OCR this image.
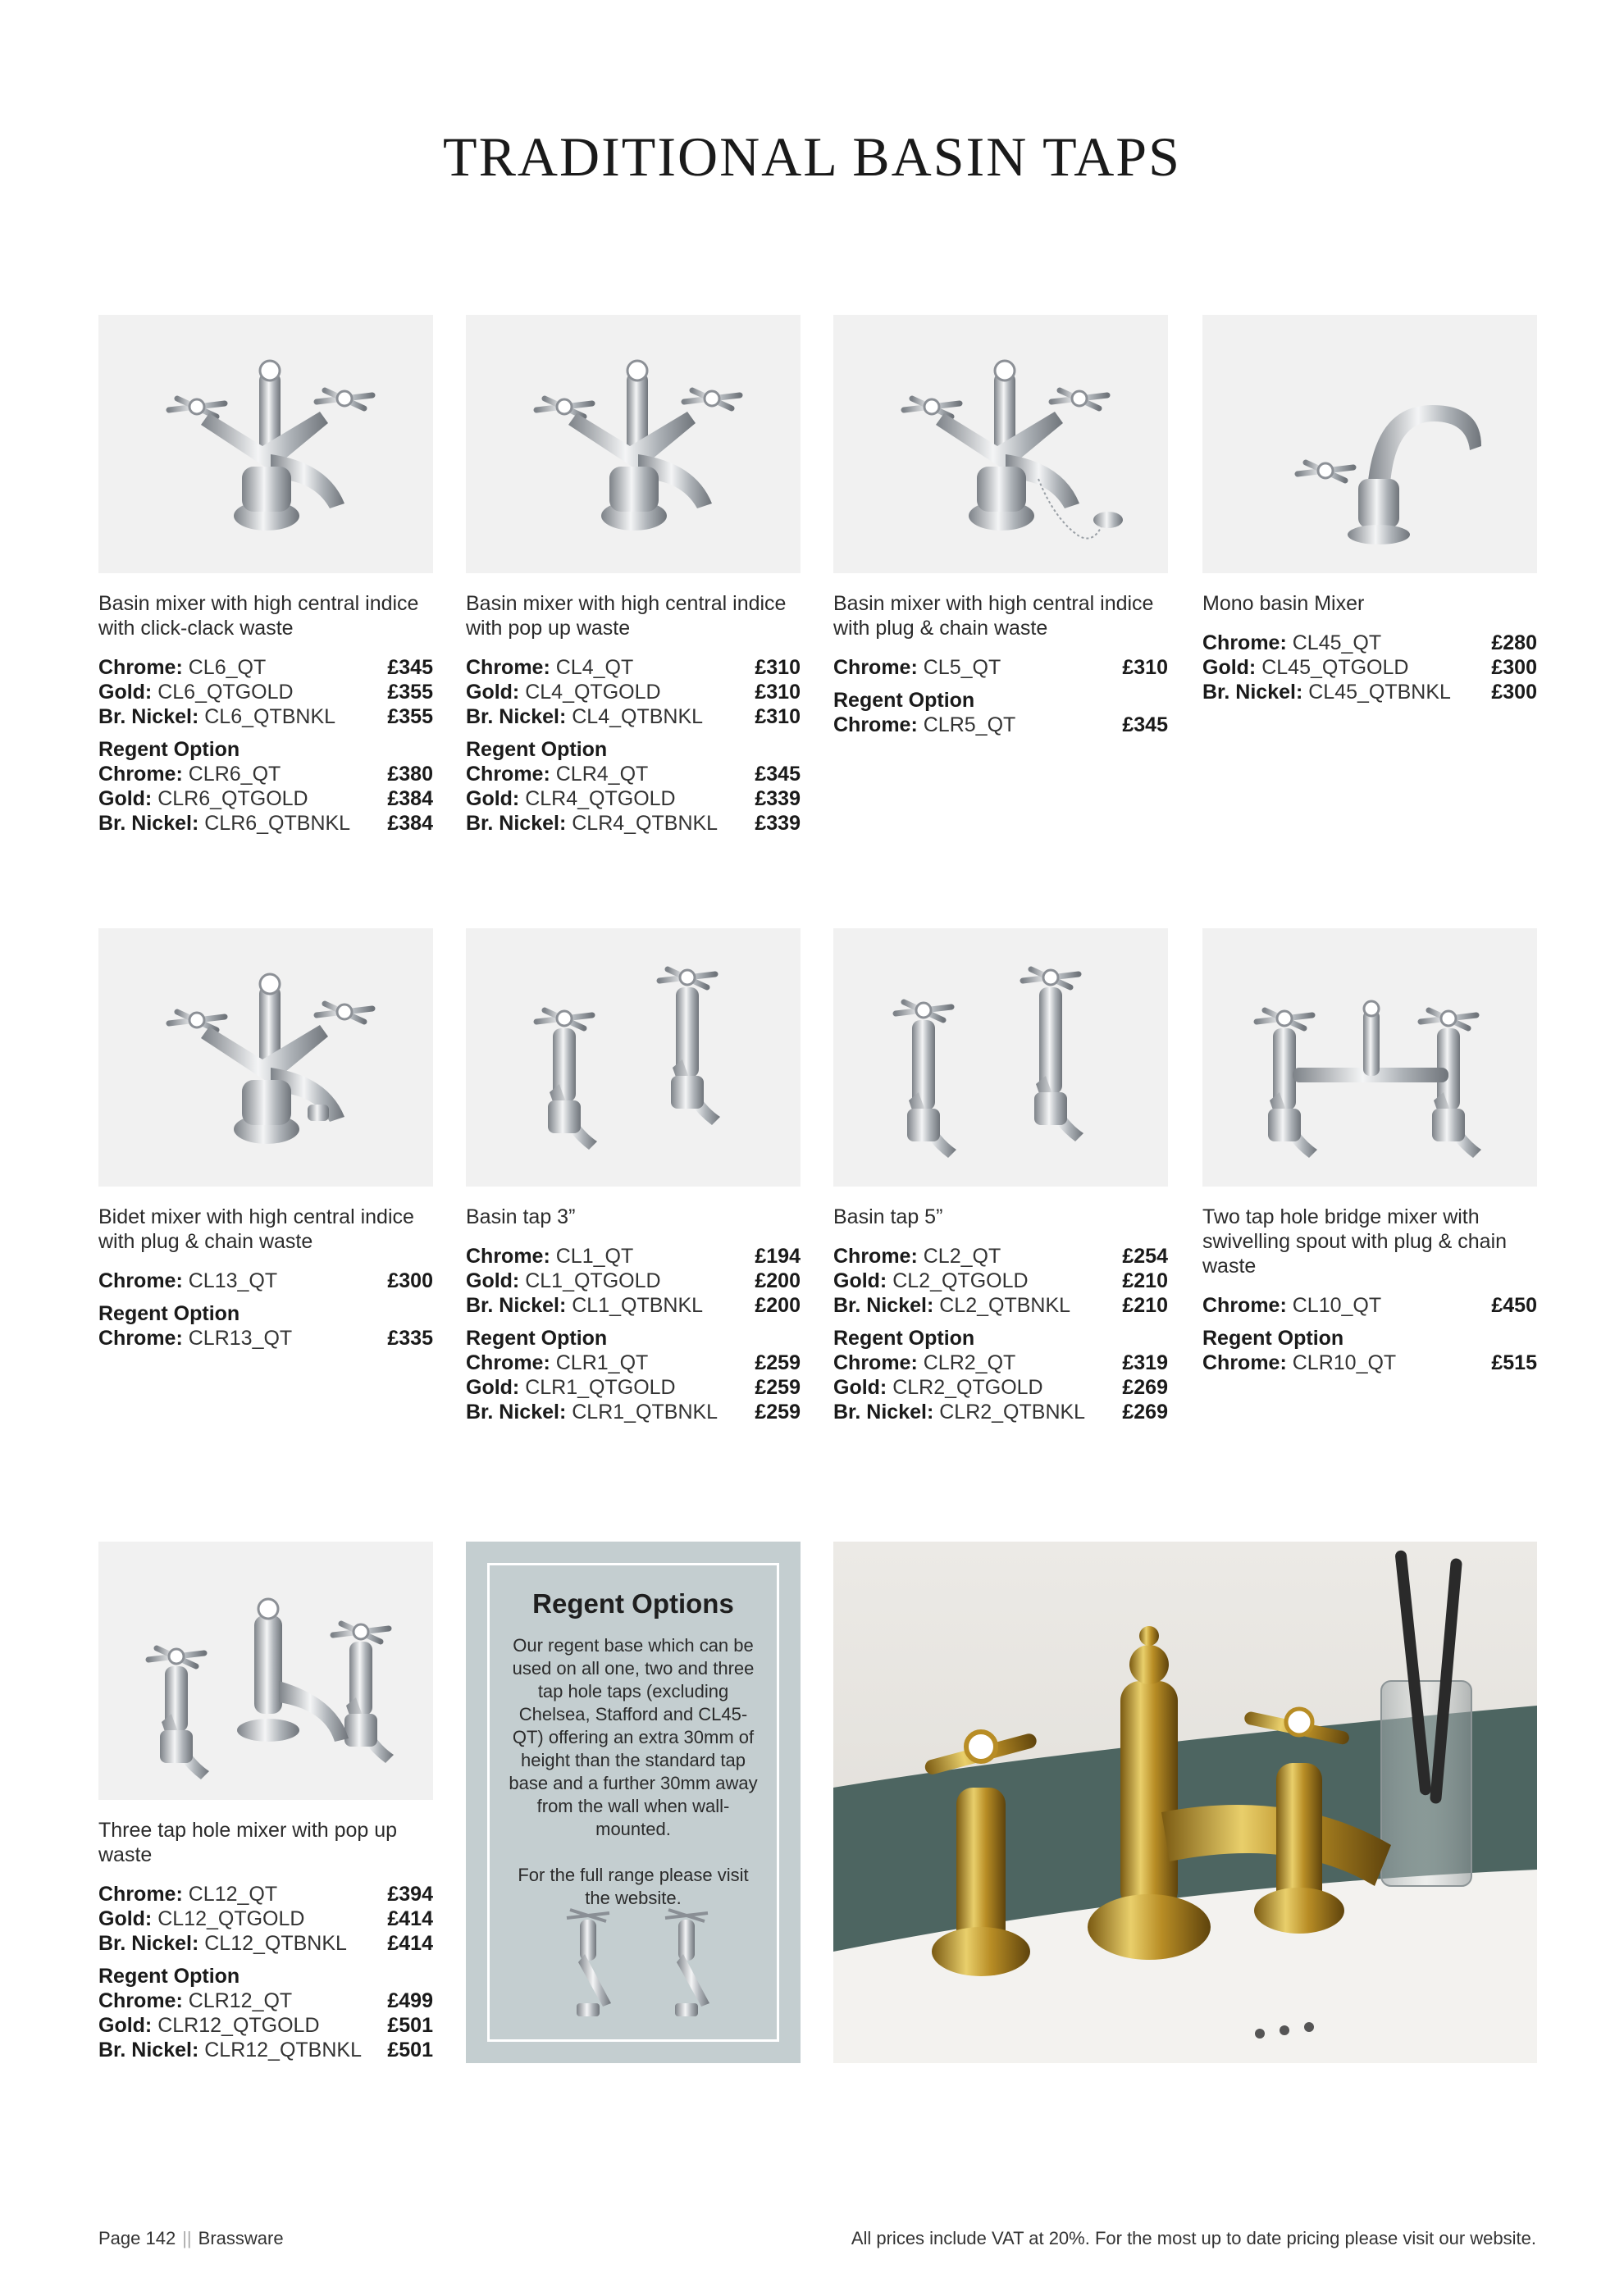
TRADITIONAL BASIN TAPS
Basin mixer with high central indice with click-clack waste
Chrome: CL6_QT	£345
Gold: CL6_QTGOLD	£355
Br. Nickel: CL6_QTBNKL	£355
Regent Option
Chrome: CLR6_QT	£380
Gold: CLR6_QTGOLD	£384
Br. Nickel: CLR6_QTBNKL £384
Basin mixer with high central indice with pop up waste
Chrome: CL4_QT	£310
Gold: CL4_QTGOLD	£310
Br. Nickel: CL4_QTBNKL	£310
Regent Option
Chrome: CLR4_QT	£345
Gold: CLR4_QTGOLD	£339
Br. Nickel: CLR4_QTBNKL £339
Basin mixer with high central indice with plug & chain waste
Chrome: CL5_QT	£310
Regent Option
Chrome: CLR5_QT	£345
Mono basin Mixer
Chrome: CL45_QT	£280
Gold: CL45_QTGOLD	£300
Br. Nickel: CL45_QTBNKL £300
Bidet mixer with high central indice with plug & chain waste
Chrome: CL13_QT	£300
Regent Option
Chrome: CLR13_QT	£335
Basin tap 3”
Chrome: CL1_QT	£194
Gold: CL1_QTGOLD	£200
Br. Nickel: CL1_QTBNKL	£200
Regent Option
Chrome: CLR1_QT	£259
Gold: CLR1_QTGOLD	£259
Br. Nickel: CLR1_QTBNKL £259
Basin tap 5”
Chrome: CL2_QT	£254
Gold: CL2_QTGOLD	£210
Br. Nickel: CL2_QTBNKL	£210
Regent Option
Chrome: CLR2_QT	£319
Gold: CLR2_QTGOLD	£269
Br. Nickel: CLR2_QTBNKL £269
Two tap hole bridge mixer with swivelling spout with plug & chain waste
Chrome: CL10_QT	£450
Regent Option
Chrome: CLR10_QT	£515
Three tap hole mixer with pop up waste
Chrome: CL12_QT	£394
Gold: CL12_QTGOLD	£414
Br. Nickel: CL12_QTBNKL £414
Regent Option
Chrome: CLR12_QT	£499
Gold: CLR12_QTGOLD	£501
Br. Nickel: CLR12_QTBNKL £501
Regent Options
Our regent base which can be used on all one, two and three tap hole taps (excluding Chelsea, Stafford and CL45-QT) offering an extra 30mm of height than the standard tap base and a further 30mm away from the wall when wall-mounted.
For the full range please visit the website.
Page 142 || Brassware	All prices include VAT at 20%. For the most up to date pricing please visit our website.
